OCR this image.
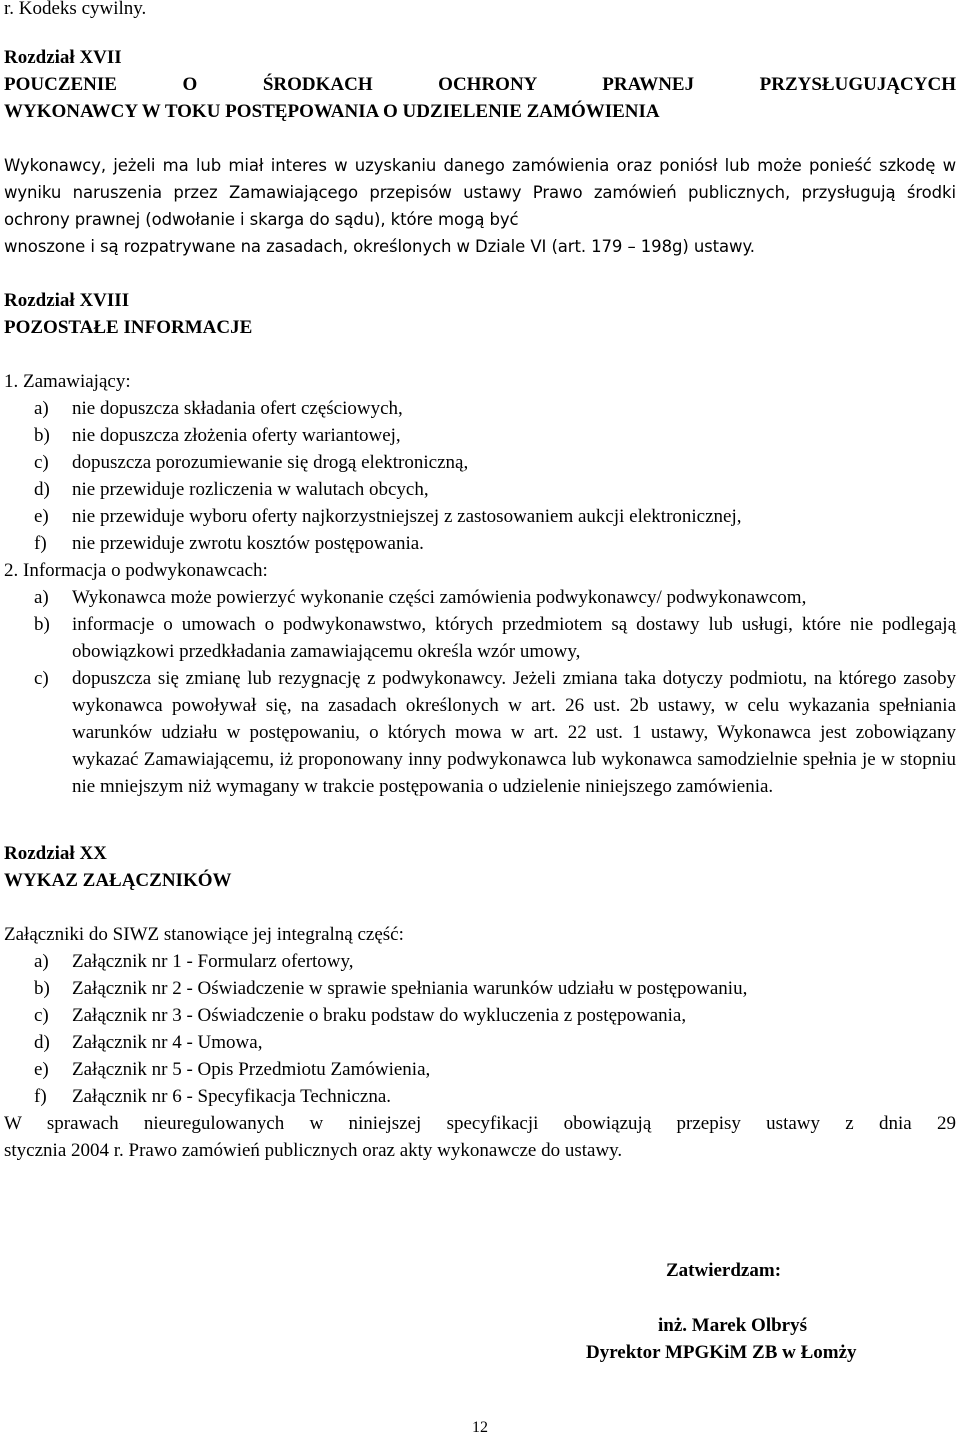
r. Kodeks cywilny.

Rozdział XVII

POUCZENIE O ŚRODKACH OCHRONY PRAWNEJ PRZYSŁUGUJĄCYCH

WYKONAWCY W TOKU POSTĘPOWANIA O UDZIELENIE ZAMÓWIENIA

Wykonawcy, jeżeli ma lub miał interes w uzyskaniu danego zamówienia oraz poniósł lub może ponieść szkodę w wyniku naruszenia przez Zamawiającego przepisów ustawy Prawo zamówień publicznych, przysługują środki ochrony prawnej (odwołanie i skarga do sądu), które mogą być

wnoszone i są rozpatrywane na zasadach, określonych w Dziale VI (art. 179 – 198g) ustawy.

Rozdział XVIII

POZOSTAŁE INFORMACJE

1. Zamawiający:

a)	nie dopuszcza składania ofert częściowych,
b)	nie dopuszcza złożenia oferty wariantowej,
c)	dopuszcza porozumiewanie się drogą elektroniczną,
d)	nie przewiduje rozliczenia w walutach obcych,
e)	nie przewiduje wyboru oferty najkorzystniejszej z zastosowaniem aukcji elektronicznej,
f)	nie przewiduje zwrotu kosztów postępowania.

2. Informacja o podwykonawcach:

a)	Wykonawca może powierzyć wykonanie części zamówienia podwykonawcy/ podwykonawcom,
b)	informacje o umowach o podwykonawstwo, których przedmiotem są dostawy lub usługi, które nie podlegają obowiązkowi przedkładania zamawiającemu określa wzór umowy,
c)	dopuszcza się zmianę lub rezygnację z podwykonawcy. Jeżeli zmiana taka dotyczy podmiotu, na którego zasoby wykonawca powoływał się, na zasadach określonych w art. 26 ust. 2b ustawy, w celu wykazania spełniania warunków udziału w postępowaniu, o których mowa w art. 22 ust. 1 ustawy, Wykonawca jest zobowiązany wykazać Zamawiającemu, iż proponowany inny podwykonawca lub wykonawca samodzielnie spełnia je w stopniu nie mniejszym niż wymagany w trakcie postępowania o udzielenie niniejszego zamówienia.

Rozdział XX

WYKAZ ZAŁĄCZNIKÓW

Załączniki do SIWZ stanowiące jej integralną część:

a)	Załącznik nr 1 - Formularz ofertowy,
b)	Załącznik nr 2 - Oświadczenie w sprawie spełniania warunków udziału w postępowaniu,
c)	Załącznik nr 3 - Oświadczenie o braku podstaw do wykluczenia z postępowania,
d)	Załącznik nr 4 - Umowa,
e)	Załącznik nr 5 - Opis Przedmiotu Zamówienia,
f)	Załącznik nr 6 - Specyfikacja Techniczna.

W sprawach nieuregulowanych w niniejszej specyfikacji obowiązują przepisy ustawy z dnia 29

stycznia 2004 r. Prawo zamówień publicznych oraz akty wykonawcze do ustawy.

Zatwierdzam:
inż. Marek Olbryś
Dyrektor MPGKiM ZB w Łomży
12
